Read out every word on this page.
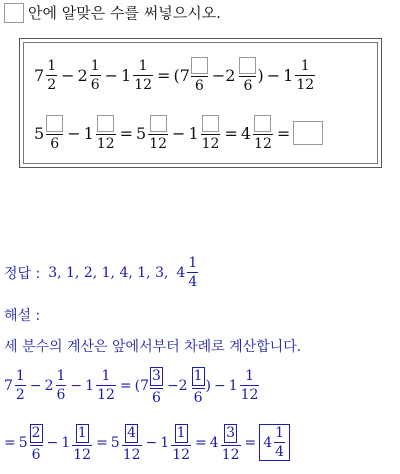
안에 알맞은 수를 써넣으시오.
$7 \frac{1}{2} - 2 \frac{1}{6} - 1 \frac{1}{12} = (7$
6
−2
6
) − $1 \frac{1}{12}$
5
6
− 1
12
= 5
12
− 1
12
= 4
12
=
정답 : 3, 1, 2, 1, 4, 1, 3, $4 \frac{1}{4}$
해설 :
세 분수의 계산은 앞에서부터 차례로 계산합니다.
$7 \frac{1}{2} - 2 \frac{1}{6} - 1 \frac{1}{12} = (7 \frac{3}{6} -2 \frac{1}{6}$ ) − $1 \frac{1}{12}$
= $5 \frac{2}{6} - 1 \frac{1}{12} = 5 \frac{4}{12} - 1 \frac{1}{12} = 4 \frac{3}{12} = 4 \frac{1}{4}$
